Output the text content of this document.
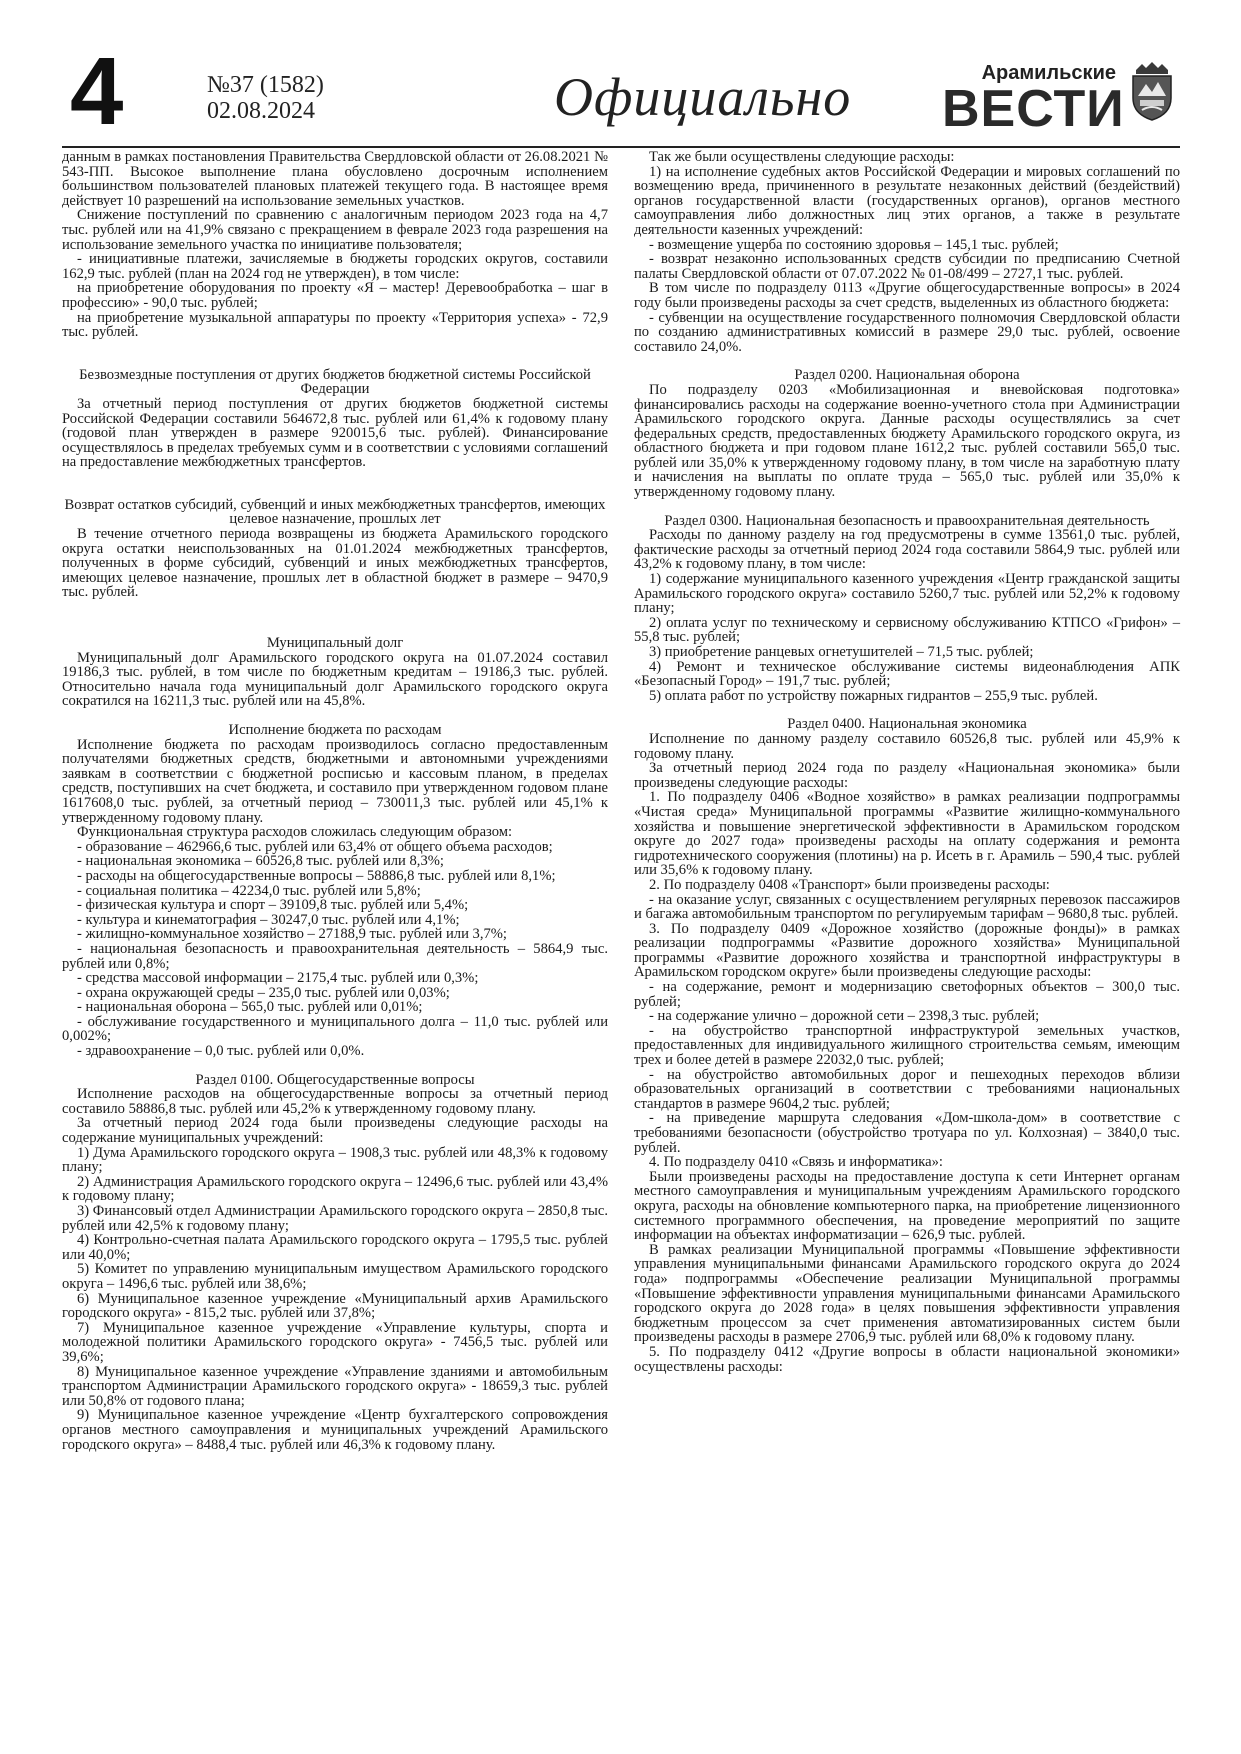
4	№37 (1582)
02.08.2024	Официально	Арамильские
ВЕСТИ

данным в рамках постановления Правительства Свердловской области от 26.08.2021 № 543-ПП. Высокое выполнение плана обусловлено досрочным исполнением большинством пользователей плановых платежей текущего года. В настоящее время действует 10 разрешений на использование земельных участков.

Снижение поступлений по сравнению с аналогичным периодом 2023 года на 4,7 тыс. рублей или на 41,9% связано с прекращением в феврале 2023 года разрешения на использование земельного участка по инициативе пользователя;

- инициативные платежи, зачисляемые в бюджеты городских округов, составили 162,9 тыс. рублей (план на 2024 год не утвержден), в том числе:

на приобретение оборудования по проекту «Я – мастер! Деревообработка – шаг в профессию» - 90,0 тыс. рублей;

на приобретение музыкальной аппаратуры по проекту «Территория успеха» - 72,9 тыс. рублей.

Безвозмездные поступления от других бюджетов бюджетной системы Российской Федерации

За отчетный период поступления от других бюджетов бюджетной системы Российской Федерации составили 564672,8 тыс. рублей или 61,4% к годовому плану (годовой план утвержден в размере 920015,6 тыс. рублей). Финансирование осуществлялось в пределах требуемых сумм и в соответствии с условиями соглашений на предоставление межбюджетных трансфертов.

Возврат остатков субсидий, субвенций и иных межбюджетных трансфертов, имеющих целевое назначение, прошлых лет

В течение отчетного периода возвращены из бюджета Арамильского городского округа остатки неиспользованных на 01.01.2024 межбюджетных трансфертов, полученных в форме субсидий, субвенций и иных межбюджетных трансфертов, имеющих целевое назначение, прошлых лет в областной бюджет в размере – 9470,9 тыс. рублей.

Муниципальный долг

Муниципальный долг Арамильского городского округа на 01.07.2024 составил 19186,3 тыс. рублей, в том числе по бюджетным кредитам – 19186,3 тыс. рублей. Относительно начала года муниципальный долг Арамильского городского округа сократился на 16211,3 тыс. рублей или на 45,8%.

Исполнение бюджета по расходам

Исполнение бюджета по расходам производилось согласно предоставленным получателями бюджетных средств, бюджетными и автономными учреждениями заявкам в соответствии с бюджетной росписью и кассовым планом, в пределах средств, поступивших на счет бюджета, и составило при утвержденном годовом плане 1617608,0 тыс. рублей, за отчетный период – 730011,3 тыс. рублей или 45,1% к утвержденному годовому плану.

Функциональная структура расходов сложилась следующим образом:

- образование – 462966,6 тыс. рублей или 63,4% от общего объема расходов;

- национальная экономика – 60526,8 тыс. рублей или 8,3%;

- расходы на общегосударственные вопросы – 58886,8 тыс. рублей или 8,1%;

- социальная политика – 42234,0 тыс. рублей или 5,8%;

- физическая культура и спорт – 39109,8 тыс. рублей или 5,4%;

- культура и кинематография – 30247,0 тыс. рублей или 4,1%;

- жилищно-коммунальное хозяйство – 27188,9 тыс. рублей или 3,7%;

- национальная безопасность и правоохранительная деятельность – 5864,9 тыс. рублей или 0,8%;

- средства массовой информации – 2175,4 тыс. рублей или 0,3%;

- охрана окружающей среды – 235,0 тыс. рублей или 0,03%;

- национальная оборона – 565,0 тыс. рублей или 0,01%;

- обслуживание государственного и муниципального долга – 11,0 тыс. рублей или 0,002%;

- здравоохранение – 0,0 тыс. рублей или 0,0%.

Раздел 0100. Общегосударственные вопросы

Исполнение расходов на общегосударственные вопросы за отчетный период составило 58886,8 тыс. рублей или 45,2% к утвержденному годовому плану.

За отчетный период 2024 года были произведены следующие расходы на содержание муниципальных учреждений:

1) Дума Арамильского городского округа – 1908,3 тыс. рублей или 48,3% к годовому плану;

2) Администрация Арамильского городского округа – 12496,6 тыс. рублей или 43,4% к годовому плану;

3) Финансовый отдел Администрации Арамильского городского округа – 2850,8 тыс. рублей или 42,5% к годовому плану;

4) Контрольно-счетная палата Арамильского городского округа – 1795,5 тыс. рублей или 40,0%;

5) Комитет по управлению муниципальным имуществом Арамильского городского округа – 1496,6 тыс. рублей или 38,6%;

6) Муниципальное казенное учреждение «Муниципальный архив Арамильского городского округа» - 815,2 тыс. рублей или 37,8%;

7) Муниципальное казенное учреждение «Управление культуры, спорта и молодежной политики Арамильского городского округа» - 7456,5 тыс. рублей или 39,6%;

8) Муниципальное казенное учреждение «Управление зданиями и автомобильным транспортом Администрации Арамильского городского округа» - 18659,3 тыс. рублей или 50,8% от годового плана;

9) Муниципальное казенное учреждение «Центр бухгалтерского сопровождения органов местного самоуправления и муниципальных учреждений Арамильского городского округа» – 8488,4 тыс. рублей или 46,3% к годовому плану.

Так же были осуществлены следующие расходы:

1) на исполнение судебных актов Российской Федерации и мировых соглашений по возмещению вреда, причиненного в результате незаконных действий (бездействий) органов государственной власти (государственных органов), органов местного самоуправления либо должностных лиц этих органов, а также в результате деятельности казенных учреждений:

- возмещение ущерба по состоянию здоровья – 145,1 тыс. рублей;

- возврат незаконно использованных средств субсидии по предписанию Счетной палаты Свердловской области от 07.07.2022 № 01-08/499 – 2727,1 тыс. рублей.

В том числе по подразделу 0113 «Другие общегосударственные вопросы» в 2024 году были произведены расходы за счет средств, выделенных из областного бюджета:

- субвенции на осуществление государственного полномочия Свердловской области по созданию административных комиссий в размере 29,0 тыс. рублей, освоение составило 24,0%.

Раздел 0200. Национальная оборона

По подразделу 0203 «Мобилизационная и вневойсковая подготовка» финансировались расходы на содержание военно-учетного стола при Администрации Арамильского городского округа. Данные расходы осуществлялись за счет федеральных средств, предоставленных бюджету Арамильского городского округа, из областного бюджета и при годовом плане 1612,2 тыс. рублей составили 565,0 тыс. рублей или 35,0% к утвержденному годовому плану, в том числе на заработную плату и начисления на выплаты по оплате труда – 565,0 тыс. рублей или 35,0% к утвержденному годовому плану.

Раздел 0300. Национальная безопасность и правоохранительная деятельность

Расходы по данному разделу на год предусмотрены в сумме 13561,0 тыс. рублей, фактические расходы за отчетный период 2024 года составили 5864,9 тыс. рублей или 43,2% к годовому плану, в том числе:

1) содержание муниципального казенного учреждения «Центр гражданской защиты Арамильского городского округа» составило 5260,7 тыс. рублей или 52,2% к годовому плану;

2) оплата услуг по техническому и сервисному обслуживанию КТПСО «Грифон» – 55,8 тыс. рублей;

3) приобретение ранцевых огнетушителей – 71,5 тыс. рублей;

4) Ремонт и техническое обслуживание системы видеонаблюдения АПК «Безопасный Город» – 191,7 тыс. рублей;

5) оплата работ по устройству пожарных гидрантов – 255,9 тыс. рублей.

Раздел 0400. Национальная экономика

Исполнение по данному разделу составило 60526,8 тыс. рублей или 45,9% к годовому плану.

За отчетный период 2024 года по разделу «Национальная экономика» были произведены следующие расходы:

1. По подразделу 0406 «Водное хозяйство» в рамках реализации подпрограммы «Чистая среда» Муниципальной программы «Развитие жилищно-коммунального хозяйства и повышение энергетической эффективности в Арамильском городском округе до 2027 года» произведены расходы на оплату содержания и ремонта гидротехнического сооружения (плотины) на р. Исеть в г. Арамиль – 590,4 тыс. рублей или 35,6% к годовому плану.

2. По подразделу 0408 «Транспорт» были произведены расходы:

- на оказание услуг, связанных с осуществлением регулярных перевозок пассажиров и багажа автомобильным транспортом по регулируемым тарифам – 9680,8 тыс. рублей.

3. По подразделу 0409 «Дорожное хозяйство (дорожные фонды)» в рамках реализации подпрограммы «Развитие дорожного хозяйства» Муниципальной программы «Развитие дорожного хозяйства и транспортной инфраструктуры в Арамильском городском округе» были произведены следующие расходы:

- на содержание, ремонт и модернизацию светофорных объектов – 300,0 тыс. рублей;

- на содержание улично – дорожной сети – 2398,3 тыс. рублей;

- на обустройство транспортной инфраструктурой земельных участков, предоставленных для индивидуального жилищного строительства семьям, имеющим трех и более детей в размере 22032,0 тыс. рублей;

- на обустройство автомобильных дорог и пешеходных переходов вблизи образовательных организаций в соответствии с требованиями национальных стандартов в размере 9604,2 тыс. рублей;

- на приведение маршрута следования «Дом-школа-дом» в соответствие с требованиями безопасности (обустройство тротуара по ул. Колхозная) – 3840,0 тыс. рублей.

4. По подразделу 0410 «Связь и информатика»:

Были произведены расходы на предоставление доступа к сети Интернет органам местного самоуправления и муниципальным учреждениям Арамильского городского округа, расходы на обновление компьютерного парка, на приобретение лицензионного системного программного обеспечения, на проведение мероприятий по защите информации на объектах информатизации – 626,9 тыс. рублей.

В рамках реализации Муниципальной программы «Повышение эффективности управления муниципальными финансами Арамильского городского округа до 2024 года» подпрограммы «Обеспечение реализации Муниципальной программы «Повышение эффективности управления муниципальными финансами Арамильского городского округа до 2028 года» в целях повышения эффективности управления бюджетным процессом за счет применения автоматизированных систем были произведены расходы в размере 2706,9 тыс. рублей или 68,0% к годовому плану.

5. По подразделу 0412 «Другие вопросы в области национальной экономики» осуществлены расходы:
